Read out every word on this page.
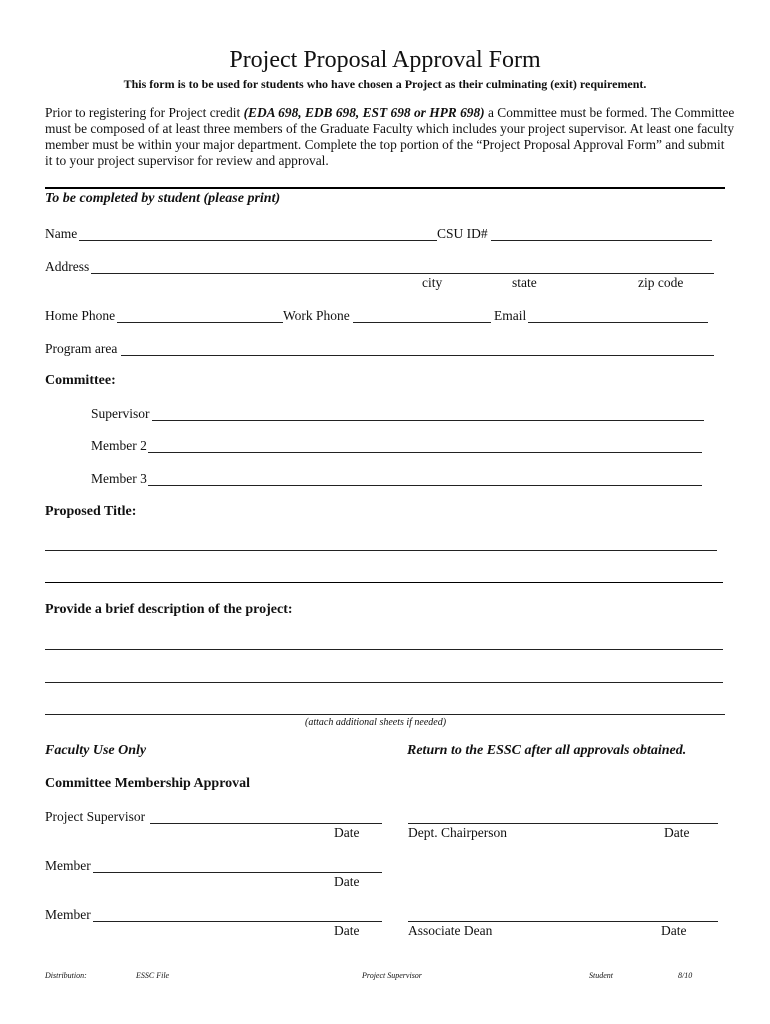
Project Proposal Approval Form
This form is to be used for students who have chosen a Project as their culminating (exit) requirement.
Prior to registering for Project credit (EDA 698, EDB 698, EST 698 or HPR 698) a Committee must be formed. The Committee must be composed of at least three members of the Graduate Faculty which includes your project supervisor. At least one faculty member must be within your major department. Complete the top portion of the “Project Proposal Approval Form” and submit it to your project supervisor for review and approval.
To be completed by student (please print)
Name	CSU ID#
Address
city	state	zip code
Home Phone	Work Phone	Email
Program area
Committee:
Supervisor
Member 2
Member 3
Proposed Title:
Provide a brief description of the project:
(attach additional sheets if needed)
Faculty Use Only	Return to the ESSC after all approvals obtained.
Committee Membership Approval
Project Supervisor
Date
Member
Date
Member
Date
Dept. Chairperson	Date
Associate Dean	Date
Distribution:	ESSC File	Project Supervisor	Student	8/10
